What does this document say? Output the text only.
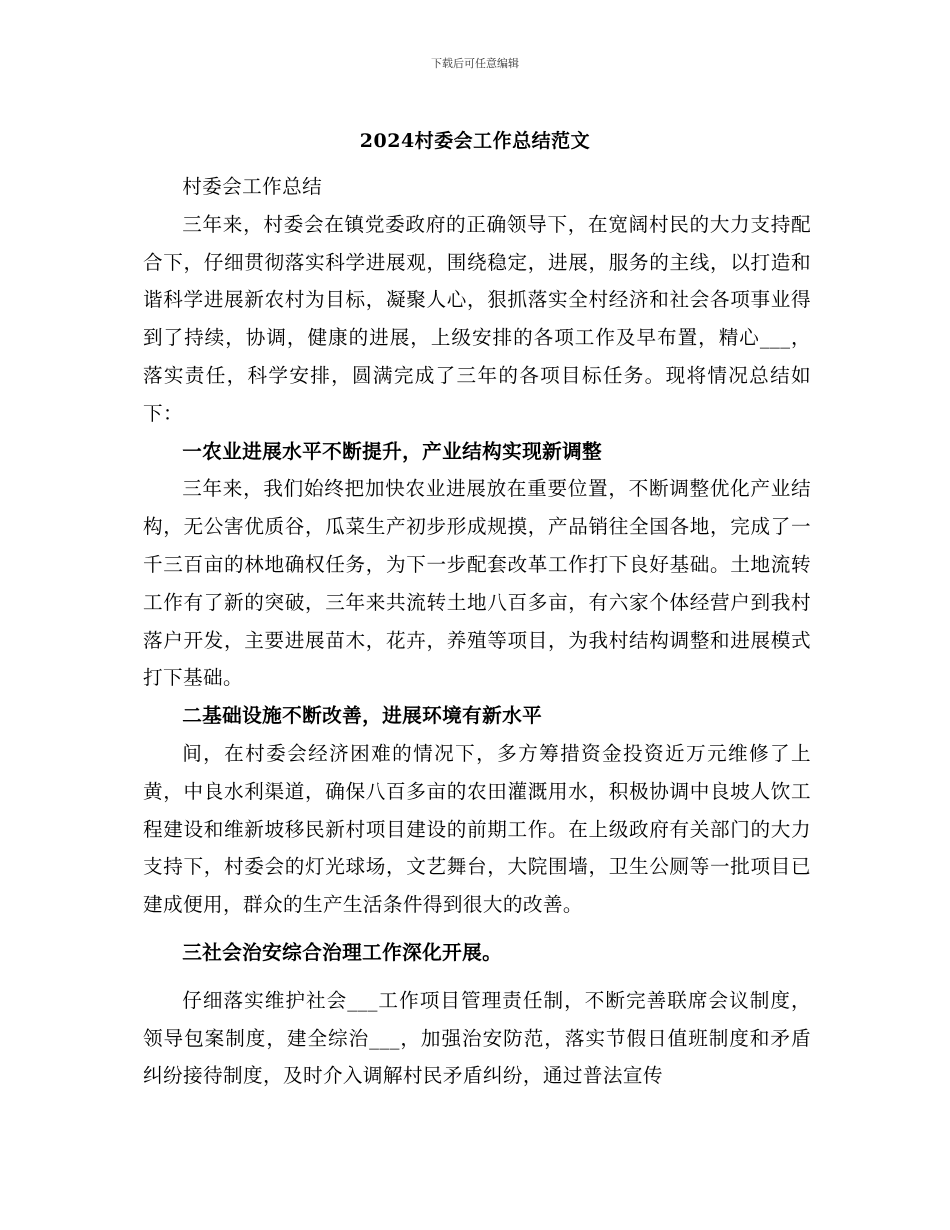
下载后可任意编辑
2024村委会工作总结范文

村委会工作总结

三年来，村委会在镇党委政府的正确领导下，在宽阔村民的大力支持配合下，仔细贯彻落实科学进展观，围绕稳定，进展，服务的主线，以打造和谐科学进展新农村为目标，凝聚人心，狠抓落实全村经济和社会各项事业得到了持续，协调，健康的进展，上级安排的各项工作及早布置，精心___，落实责任，科学安排，圆满完成了三年的各项目标任务。现将情况总结如下：

一农业进展水平不断提升，产业结构实现新调整

三年来，我们始终把加快农业进展放在重要位置，不断调整优化产业结构，无公害优质谷，瓜菜生产初步形成规摸，产品销往全国各地，完成了一千三百亩的林地确权任务，为下一步配套改革工作打下良好基础。土地流转工作有了新的突破，三年来共流转土地八百多亩，有六家个体经营户到我村落户开发，主要进展苗木，花卉，养殖等项目，为我村结构调整和进展模式打下基础。

二基础设施不断改善，进展环境有新水平

间，在村委会经济困难的情况下，多方筹措资金投资近万元维修了上黄，中良水利渠道，确保八百多亩的农田灌溉用水，积极协调中良坡人饮工程建设和维新坡移民新村项目建设的前期工作。在上级政府有关部门的大力支持下，村委会的灯光球场，文艺舞台，大院围墙，卫生公厕等一批项目已建成便用，群众的生产生活条件得到很大的改善。

三社会治安综合治理工作深化开展。

仔细落实维护社会___工作项目管理责任制，不断完善联席会议制度，领导包案制度，建全综治___，加强治安防范，落实节假日值班制度和矛盾纠纷接待制度，及时介入调解村民矛盾纠纷，通过普法宣传
